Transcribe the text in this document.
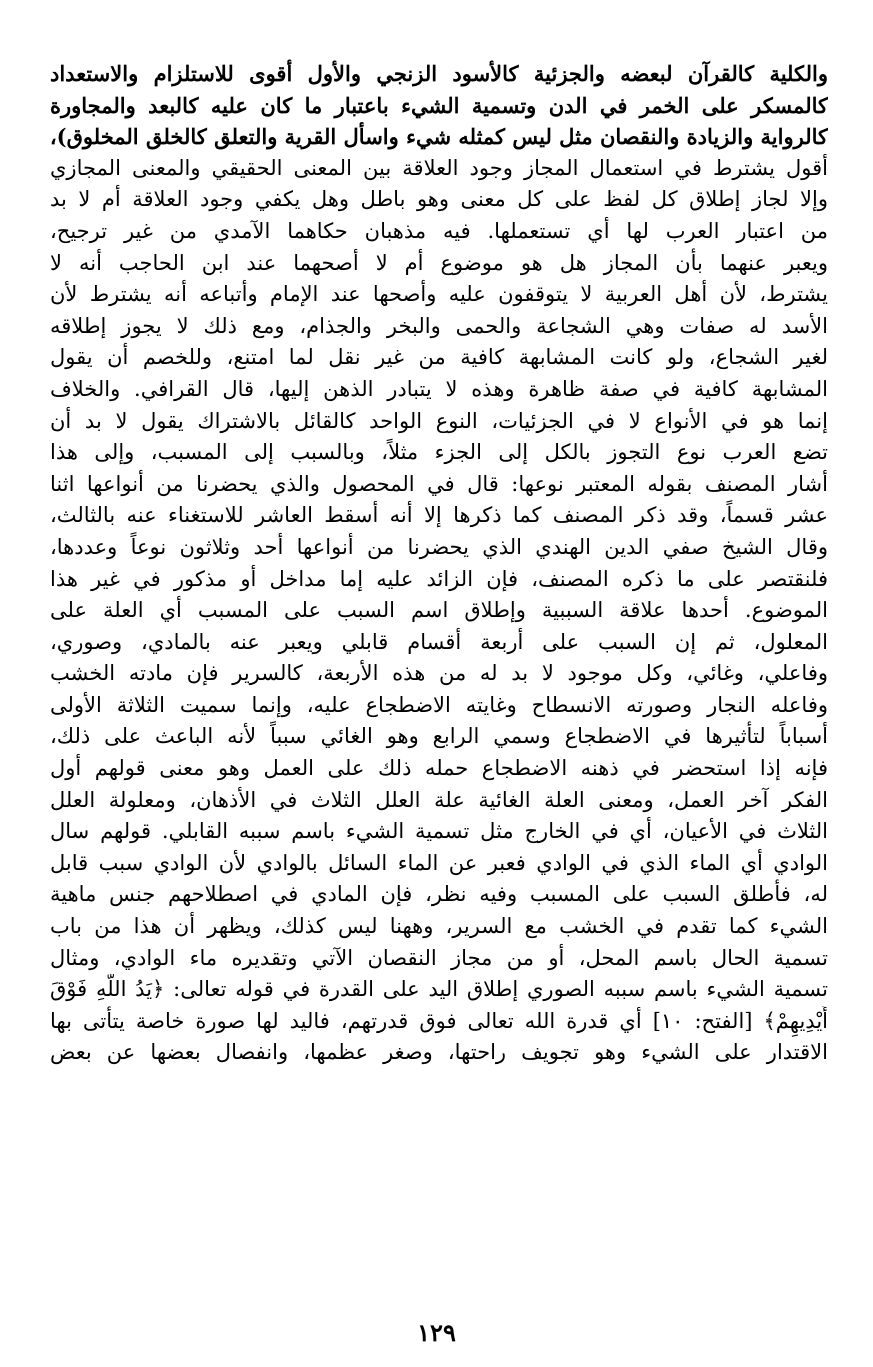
والكلية كالقرآن لبعضه والجزئية كالأسود الزنجي والأول أقوى للاستلزام والاستعداد
كالمسكر على الخمر في الدن وتسمية الشيء باعتبار ما كان عليه كالبعد والمجاورة
كالرواية والزيادة والنقصان مثل ليس كمثله شيء واسأل القرية والتعلق كالخلق المخلوق)،
أقول يشترط في استعمال المجاز وجود العلاقة بين المعنى الحقيقي والمعنى المجازي
وإلا لجاز إطلاق كل لفظ على كل معنى وهو باطل وهل يكفي وجود العلاقة أم لا بد
من اعتبار العرب لها أي تستعملها. فيه مذهبان حكاهما الآمدي من غير ترجيح،
ويعبر عنهما بأن المجاز هل هو موضوع أم لا أصحهما عند ابن الحاجب أنه لا
يشترط، لأن أهل العربية لا يتوقفون عليه وأصحها عند الإمام وأتباعه أنه يشترط لأن
الأسد له صفات وهي الشجاعة والحمى والبخر والجذام، ومع ذلك لا يجوز إطلاقه
لغير الشجاع، ولو كانت المشابهة كافية من غير نقل لما امتنع، وللخصم أن يقول
المشابهة كافية في صفة ظاهرة وهذه لا يتبادر الذهن إليها، قال القرافي. والخلاف
إنما هو في الأنواع لا في الجزئيات، النوع الواحد كالقائل بالاشتراك يقول لا بد أن
تضع العرب نوع التجوز بالكل إلى الجزء مثلاً، وبالسبب إلى المسبب، وإلى هذا
أشار المصنف بقوله المعتبر نوعها: قال في المحصول والذي يحضرنا من أنواعها اثنا
عشر قسماً، وقد ذكر المصنف كما ذكرها إلا أنه أسقط العاشر للاستغناء عنه بالثالث،
وقال الشيخ صفي الدين الهندي الذي يحضرنا من أنواعها أحد وثلاثون نوعاً وعددها،
فلنقتصر على ما ذكره المصنف، فإن الزائد عليه إما مداخل أو مذكور في غير هذا
الموضوع. أحدها علاقة السببية وإطلاق اسم السبب على المسبب أي العلة على
المعلول، ثم إن السبب على أربعة أقسام قابلي ويعبر عنه بالمادي، وصوري،
وفاعلي، وغائي، وكل موجود لا بد له من هذه الأربعة، كالسرير فإن مادته الخشب
وفاعله النجار وصورته الانسطاح وغايته الاضطجاع عليه، وإنما سميت الثلاثة الأولى
أسباباً لتأثيرها في الاضطجاع وسمي الرابع وهو الغائي سبباً لأنه الباعث على ذلك،
فإنه إذا استحضر في ذهنه الاضطجاع حمله ذلك على العمل وهو معنى قولهم أول
الفكر آخر العمل، ومعنى العلة الغائية علة العلل الثلاث في الأذهان، ومعلولة العلل
الثلاث في الأعيان، أي في الخارج مثل تسمية الشيء باسم سببه القابلي. قولهم سال
الوادي أي الماء الذي في الوادي فعبر عن الماء السائل بالوادي لأن الوادي سبب قابل
له، فأطلق السبب على المسبب وفيه نظر، فإن المادي في اصطلاحهم جنس ماهية
الشيء كما تقدم في الخشب مع السرير، وههنا ليس كذلك، ويظهر أن هذا من باب
تسمية الحال باسم المحل، أو من مجاز النقصان الآتي وتقديره ماء الوادي، ومثال
تسمية الشيء باسم سببه الصوري إطلاق اليد على القدرة في قوله تعالى: ﴿يَدُ اللَّهِ فَوْقَ
أَيْدِيهِمْ﴾ [الفتح: ١٠] أي قدرة الله تعالى فوق قدرتهم، فاليد لها صورة خاصة يتأتى بها
الاقتدار على الشيء وهو تجويف راحتها، وصغر عظمها، وانفصال بعضها عن بعض
١٢٩
